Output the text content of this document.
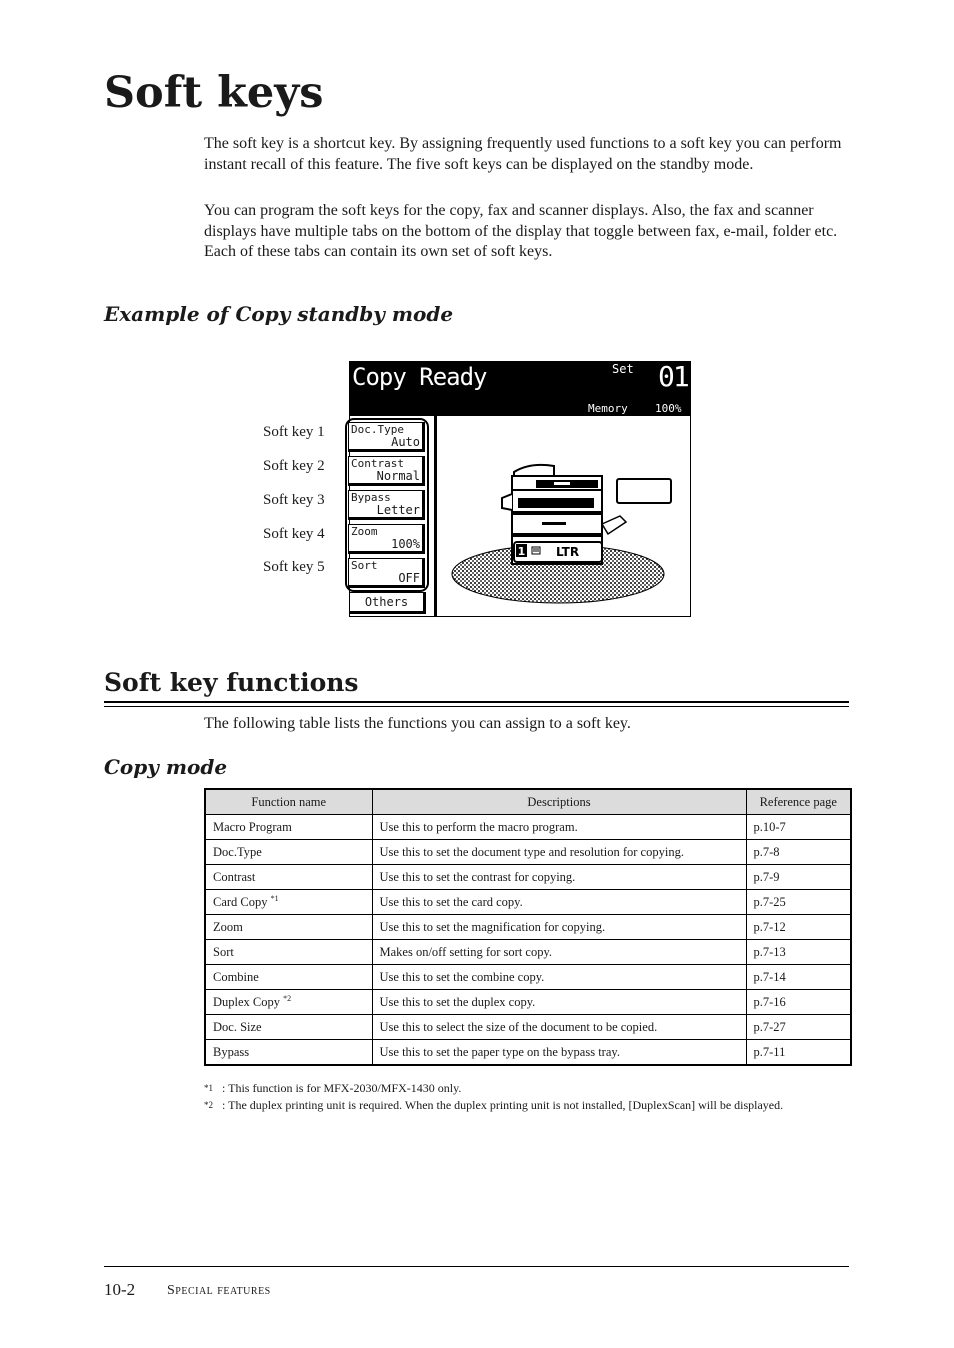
Soft keys

The soft key is a shortcut key. By assigning frequently used functions to a soft key you can perform instant recall of this feature. The five soft keys can be displayed on the standby mode.

You can program the soft keys for the copy, fax and scanner displays. Also, the fax and scanner displays have multiple tabs on the bottom of the display that toggle between fax, e-mail, folder etc. Each of these tabs can contain its own set of soft keys.

Example of Copy standby mode
Soft key 1
Soft key 2
Soft key 3
Soft key 4
Soft key 5
Copy Ready	Set 01
Memory 100%
Doc.Type
Auto
Contrast
Normal
Bypass
Letter
Zoom
100%
Sort
OFF
Others
1	LTR
Soft key functions

The following table lists the functions you can assign to a soft key.

Copy mode
Function name	Descriptions	Reference page
Macro Program	Use this to perform the macro program.	p.10-7
Doc.Type	Use this to set the document type and resolution for copying.	p.7-8
Contrast	Use this to set the contrast for copying.	p.7-9
Card Copy $^{*1}$	Use this to set the card copy.	p.7-25
Zoom	Use this to set the magnification for copying.	p.7-12
Sort	Makes on/off setting for sort copy.	p.7-13
Combine	Use this to set the combine copy.	p.7-14
Duplex Copy $^{*2}$	Use this to set the duplex copy.	p.7-16
Doc. Size	Use this to select the size of the document to be copied.	p.7-27
Bypass	Use this to set the paper type on the bypass tray.	p.7-11

*1 : This function is for MFX-2030/MFX-1430 only.

*2 : The duplex printing unit is required. When the duplex printing unit is not installed, [DuplexScan] will be displayed.

10-2 Special features
